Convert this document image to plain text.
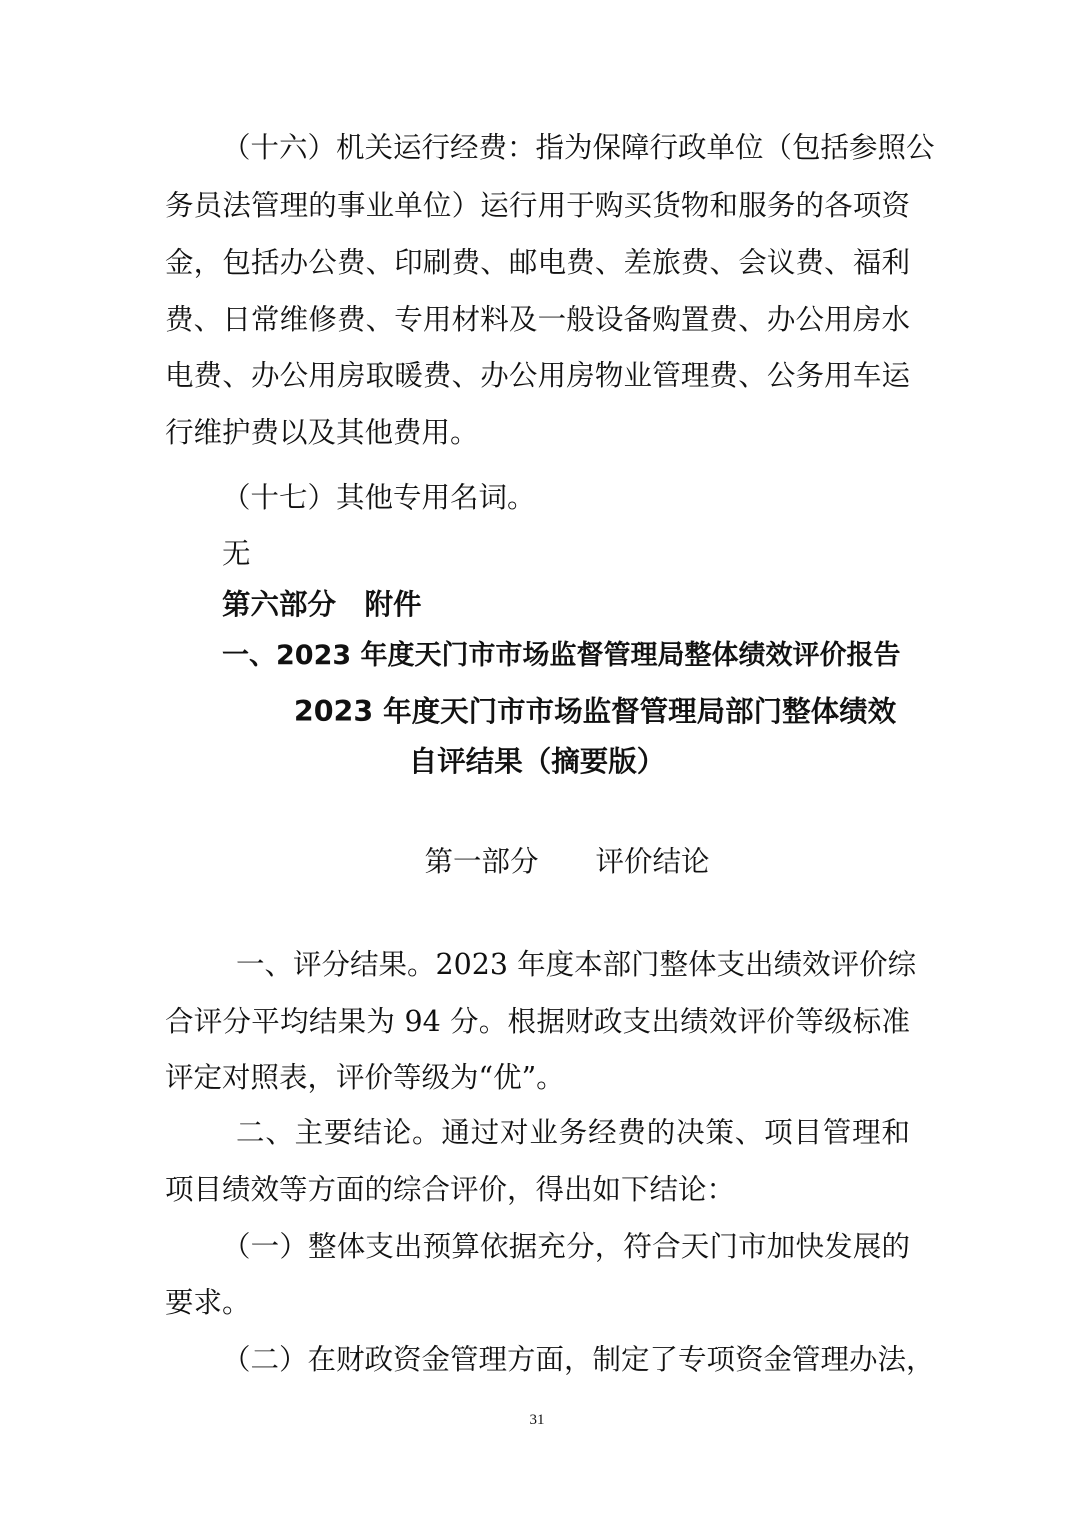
（十六）机关运行经费：指为保障行政单位（包括参照公
务员法管理的事业单位）运行用于购买货物和服务的各项资
金，包括办公费、印刷费、邮电费、差旅费、会议费、福利
费、日常维修费、专用材料及一般设备购置费、办公用房水
电费、办公用房取暖费、办公用房物业管理费、公务用车运
行维护费以及其他费用。
（十七）其他专用名词。
无
第六部分　附件
一、2023 年度天门市市场监督管理局整体绩效评价报告
2023 年度天门市市场监督管理局部门整体绩效
自评结果（摘要版）
第一部分　　评价结论
一、评分结果。2023 年度本部门整体支出绩效评价综
合评分平均结果为 94 分。根据财政支出绩效评价等级标准
评定对照表，评价等级为“优”。
二、主要结论。通过对业务经费的决策、项目管理和
项目绩效等方面的综合评价，得出如下结论：
（一）整体支出预算依据充分，符合天门市加快发展的
要求。
（二）在财政资金管理方面，制定了专项资金管理办法，
31
